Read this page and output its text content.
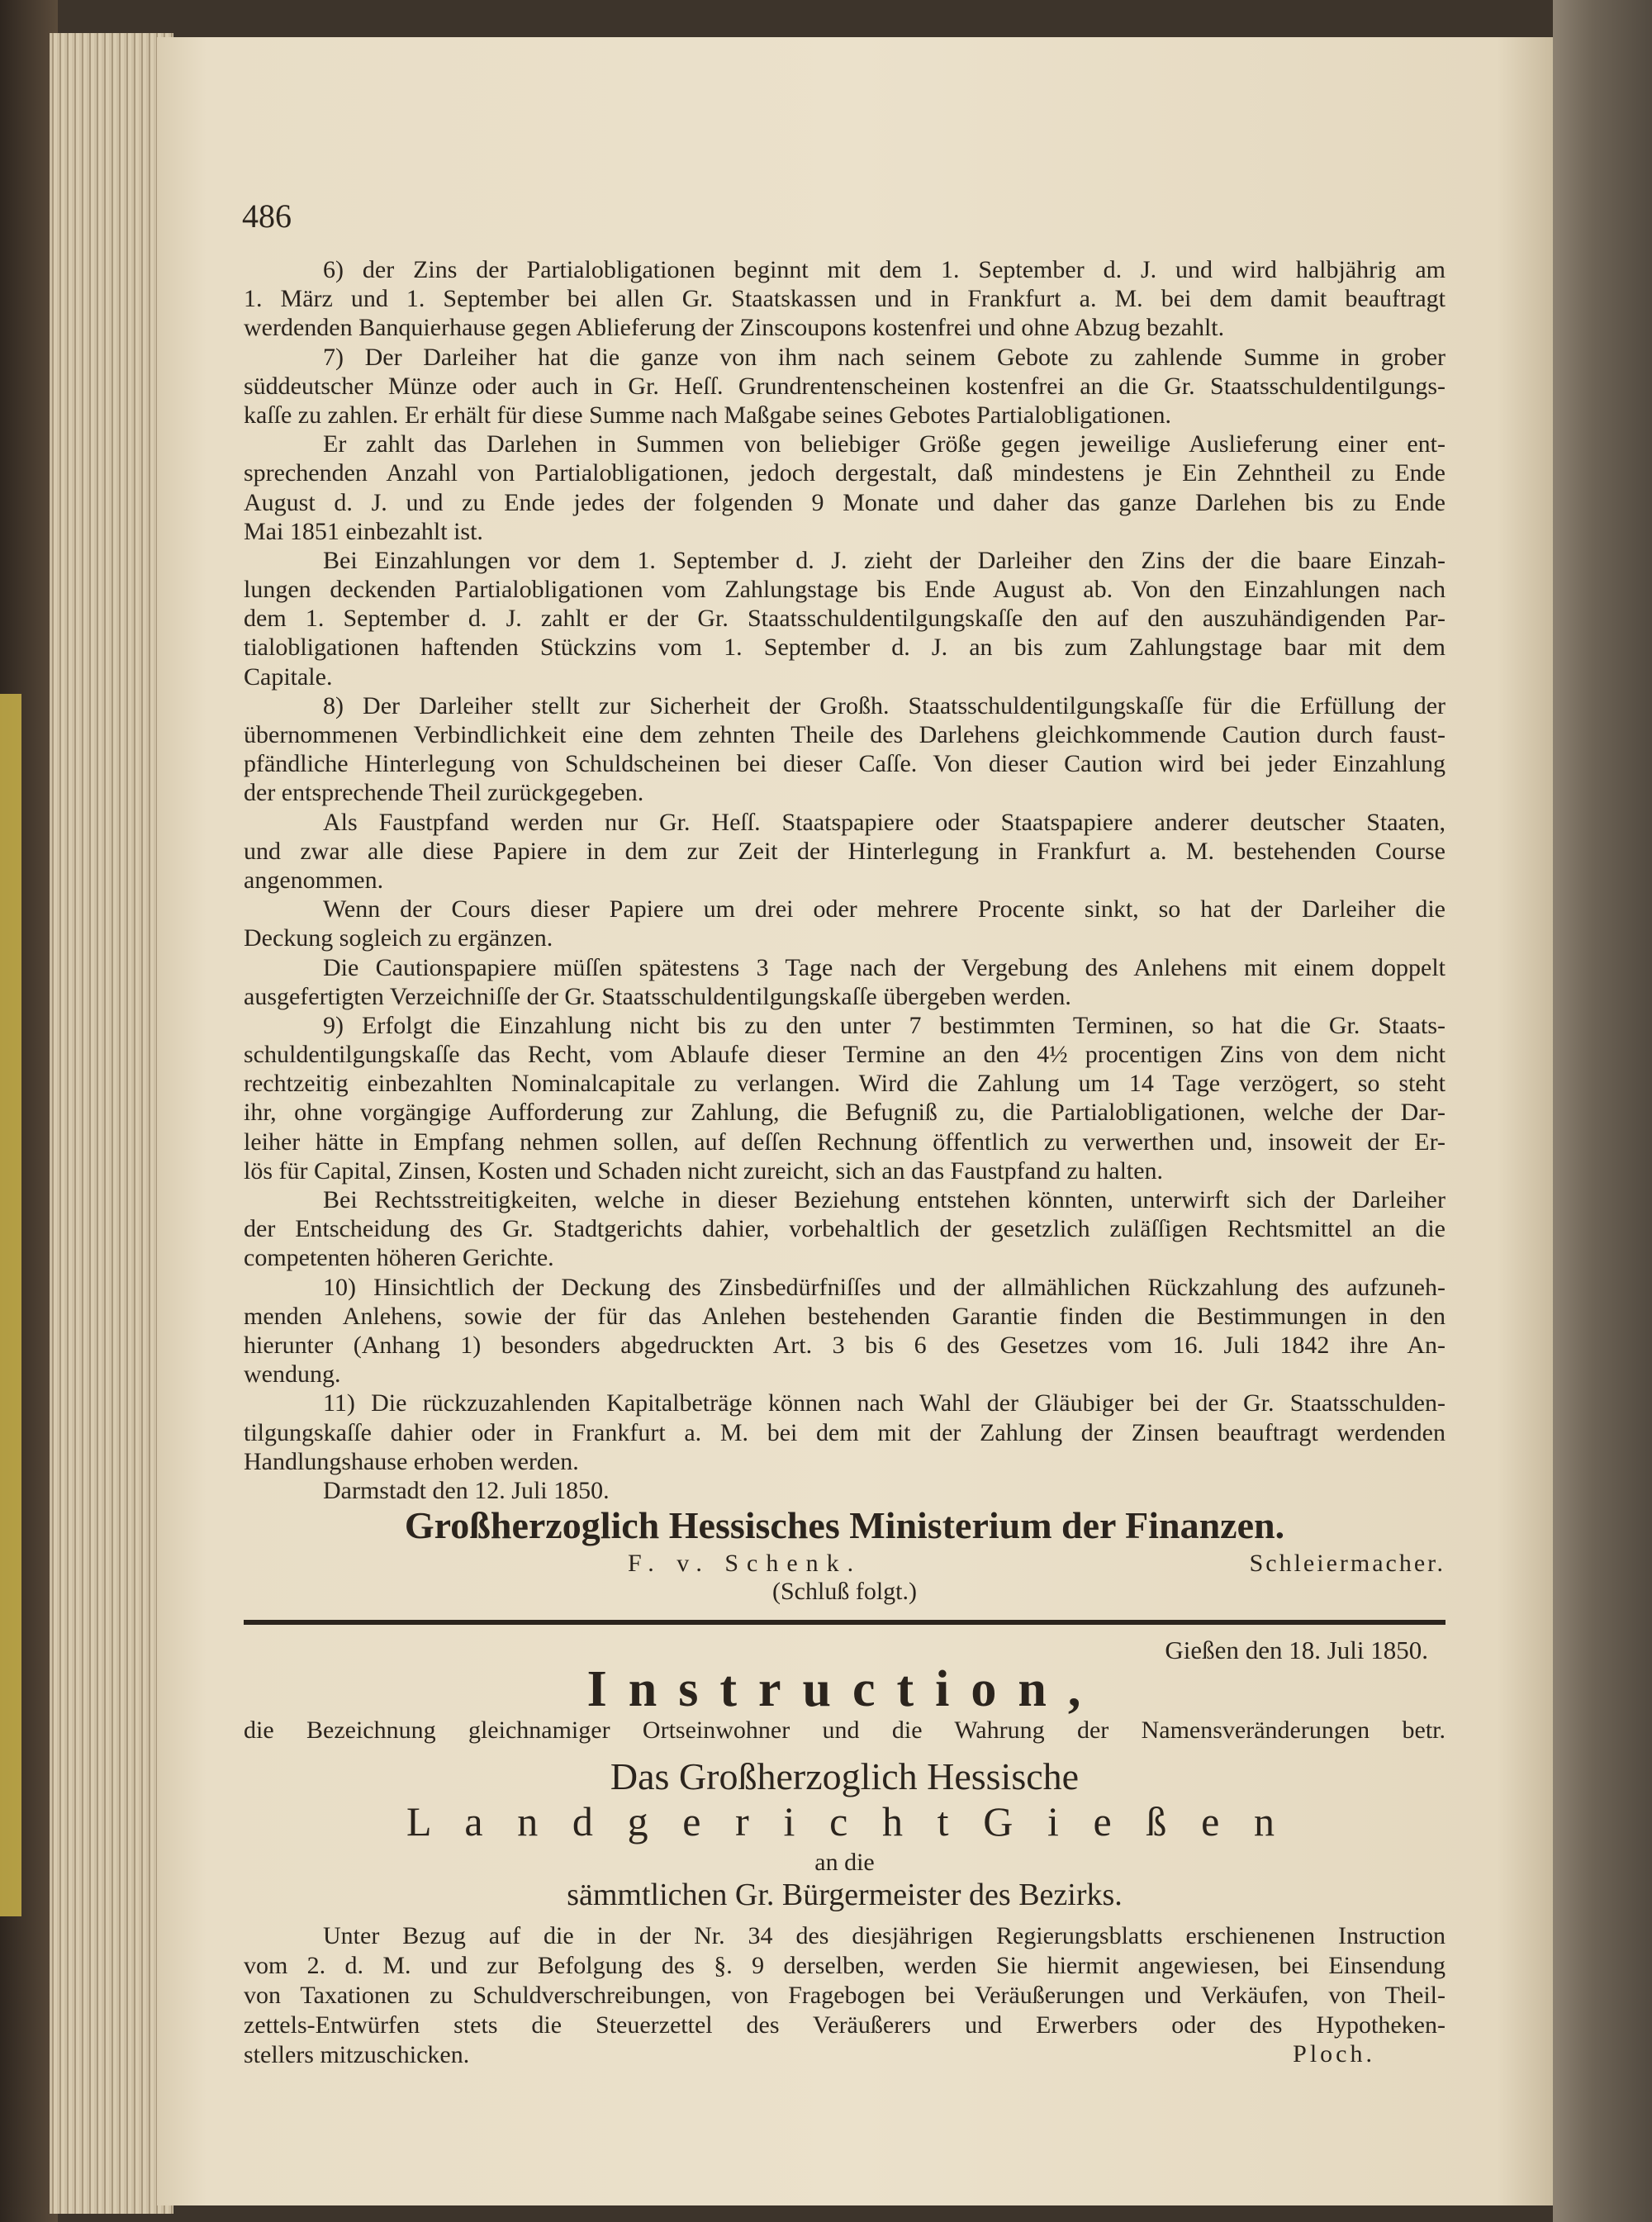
486
6) der Zins der Partialobligationen beginnt mit dem 1. September d. J. und wird halbjährig am
1. März und 1. September bei allen Gr. Staatskassen und in Frankfurt a. M. bei dem damit beauftragt
werdenden Banquierhause gegen Ablieferung der Zinscoupons kostenfrei und ohne Abzug bezahlt.
7) Der Darleiher hat die ganze von ihm nach seinem Gebote zu zahlende Summe in grober
süddeutscher Münze oder auch in Gr. Heſſ. Grundrentenscheinen kostenfrei an die Gr. Staatsschuldentilgungs-
kaſſe zu zahlen. Er erhält für diese Summe nach Maßgabe seines Gebotes Partialobligationen.
Er zahlt das Darlehen in Summen von beliebiger Größe gegen jeweilige Auslieferung einer ent-
sprechenden Anzahl von Partialobligationen, jedoch dergestalt, daß mindestens je Ein Zehntheil zu Ende
August d. J. und zu Ende jedes der folgenden 9 Monate und daher das ganze Darlehen bis zu Ende
Mai 1851 einbezahlt ist.
Bei Einzahlungen vor dem 1. September d. J. zieht der Darleiher den Zins der die baare Einzah-
lungen deckenden Partialobligationen vom Zahlungstage bis Ende August ab. Von den Einzahlungen nach
dem 1. September d. J. zahlt er der Gr. Staatsschuldentilgungskaſſe den auf den auszuhändigenden Par-
tialobligationen haftenden Stückzins vom 1. September d. J. an bis zum Zahlungstage baar mit dem
Capitale.
8) Der Darleiher stellt zur Sicherheit der Großh. Staatsschuldentilgungskaſſe für die Erfüllung der
übernommenen Verbindlichkeit eine dem zehnten Theile des Darlehens gleichkommende Caution durch faust-
pfändliche Hinterlegung von Schuldscheinen bei dieser Caſſe. Von dieser Caution wird bei jeder Einzahlung
der entsprechende Theil zurückgegeben.
Als Faustpfand werden nur Gr. Heſſ. Staatspapiere oder Staatspapiere anderer deutscher Staaten,
und zwar alle diese Papiere in dem zur Zeit der Hinterlegung in Frankfurt a. M. bestehenden Course
angenommen.
Wenn der Cours dieser Papiere um drei oder mehrere Procente sinkt, so hat der Darleiher die
Deckung sogleich zu ergänzen.
Die Cautionspapiere müſſen spätestens 3 Tage nach der Vergebung des Anlehens mit einem doppelt
ausgefertigten Verzeichniſſe der Gr. Staatsschuldentilgungskaſſe übergeben werden.
9) Erfolgt die Einzahlung nicht bis zu den unter 7 bestimmten Terminen, so hat die Gr. Staats-
schuldentilgungskaſſe das Recht, vom Ablaufe dieser Termine an den 4½ procentigen Zins von dem nicht
rechtzeitig einbezahlten Nominalcapitale zu verlangen. Wird die Zahlung um 14 Tage verzögert, so steht
ihr, ohne vorgängige Aufforderung zur Zahlung, die Befugniß zu, die Partialobligationen, welche der Dar-
leiher hätte in Empfang nehmen sollen, auf deſſen Rechnung öffentlich zu verwerthen und, insoweit der Er-
lös für Capital, Zinsen, Kosten und Schaden nicht zureicht, sich an das Faustpfand zu halten.
Bei Rechtsstreitigkeiten, welche in dieser Beziehung entstehen könnten, unterwirft sich der Darleiher
der Entscheidung des Gr. Stadtgerichts dahier, vorbehaltlich der gesetzlich zuläſſigen Rechtsmittel an die
competenten höheren Gerichte.
10) Hinsichtlich der Deckung des Zinsbedürfniſſes und der allmählichen Rückzahlung des aufzuneh-
menden Anlehens, sowie der für das Anlehen bestehenden Garantie finden die Bestimmungen in den
hierunter (Anhang 1) besonders abgedruckten Art. 3 bis 6 des Gesetzes vom 16. Juli 1842 ihre An-
wendung.
11) Die rückzuzahlenden Kapitalbeträge können nach Wahl der Gläubiger bei der Gr. Staatsschulden-
tilgungskaſſe dahier oder in Frankfurt a. M. bei dem mit der Zahlung der Zinsen beauftragt werdenden
Handlungshause erhoben werden.
Darmstadt den 12. Juli 1850.
Großherzoglich Hessisches Ministerium der Finanzen.
F. v. Schenk.	Schleiermacher.
(Schluß folgt.)
Gießen den 18. Juli 1850.
Instruction,
die Bezeichnung gleichnamiger Ortseinwohner und die Wahrung der Namensveränderungen betr.
Das Großherzoglich Hessische
L a n d g e r i c h t G i e ß e n
an die
sämmtlichen Gr. Bürgermeister des Bezirks.
Unter Bezug auf die in der Nr. 34 des diesjährigen Regierungsblatts erschienenen Instruction
vom 2. d. M. und zur Befolgung des §. 9 derselben, werden Sie hiermit angewiesen, bei Einsendung
von Taxationen zu Schuldverschreibungen, von Fragebogen bei Veräußerungen und Verkäufen, von Theil-
zettels-Entwürfen stets die Steuerzettel des Veräußerers und Erwerbers oder des Hypotheken-
stellers mitzuschicken.	Ploch.
